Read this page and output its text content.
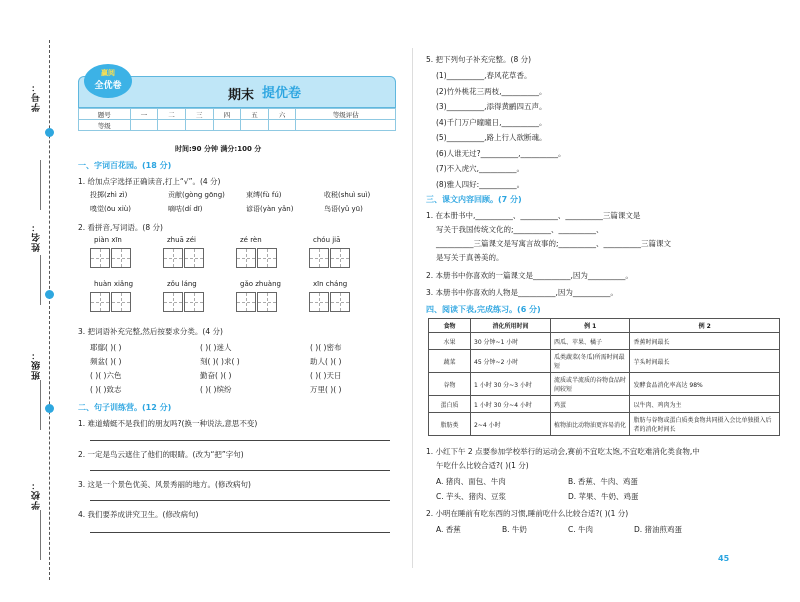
学号：
姓名：
班级：
学校：
赢阅
全优卷
期末 提优卷
题号	一	二	三	四	五	六	等级评估
等级							
时间:90 分钟 满分:100 分
一、字词百花园。(18 分)
1. 给加点字选择正确读音,打上“√”。(4 分)
2. 看拼音,写词语。(8 分)
3. 把词语补充完整,然后按要求分类。(4 分)
二、句子训练营。(12 分)
1. 难道蜻蜓不是我们的朋友吗?(换一种说法,意思不变)
2. 一定是鸟云遮住了他们的眼睛。(改为“把”字句)
3. 这是一个景色优美、风景秀丽的地方。(修改病句)
4. 我们要养成讲究卫生。(修改病句)
5. 把下列句子补充完整。(8 分)
三、课文内容回顾。(7 分)
1. 在本册书中,__________、__________、__________三篇课文是
写关于我国传统文化的;__________、__________、
__________三篇课文是写寓言故事的;__________、__________三篇课文
是写关于真善美的。
2. 本册书中你喜欢的一篇课文是__________,因为__________。
3. 本册书中你喜欢的人物是__________,因为__________。
四、阅读下表,完成练习。(6 分)
食物	消化所用时间	例 1	例 2
水果	30 分钟~1 小时	西瓜、苹果、橘子	香蕉时间最长
蔬菜	45 分钟~2 小时	瓜类蔬菜(冬瓜)所需时间最短	芋头时间最长
谷物	1 小时 30 分~3 小时	流质或半流质的谷物食品时间较短	发酵食品消化率高达 98%
蛋白质	1 小时 30 分~4 小时	鸡蛋	以牛肉、鸡肉为主
脂肪类	2~4 小时	植物油比动物油更容易消化	脂肪与谷物或蛋白质类食物共同摄入会比单独摄入后者的消化时间长
1. 小红下午 2 点要参加学校举行的运动会,赛前不宜吃太饱,不宜吃难消化类食物,中
午吃什么比较合适?( )(1 分)
2. 小明在睡前有吃东西的习惯,睡前吃什么比较合适?( )(1 分)
45
投掷(zhì zì)	贡献(gòng gōng)	束缚(fù fú)	收税(shuì suì)
嗅觉(ōu xiù)	嘀咕(dí dī)	谚语(yàn yǎn)	鸟语(yǔ yū)
piàn xīn	zhuā zéi	zé rèn	chóu jiā
huàn xiǎng	zǒu láng	gǎo zhuàng	xīn cháng
耶鄢( )( )	( )( )迷人	( )( )密布
频盆( )( )	刻( )( )求( )	助人( )( )
( )( )六色	勤奋( )( )	( )( )天日
( )( )致志	( )( )缤纷	万里( )( )
(1)__________,春风花草香。
(2)竹外桃花三两枝,__________。
(3)__________,添得黄鹂四五声。
(4)千门万户曈曈日,__________。
(5)__________,路上行人欲断魂。
(6)人谁无过?__________,__________。
(7)不入虎穴,__________。
(8)雅人四好:__________。
A. 猪肉、面包、牛肉	B. 香蕉、牛肉、鸡蛋
C. 芋头、猪肉、豆浆	D. 苹果、牛奶、鸡蛋
A. 香蕉	B. 牛奶	C. 牛肉	D. 猪油煎鸡蛋
